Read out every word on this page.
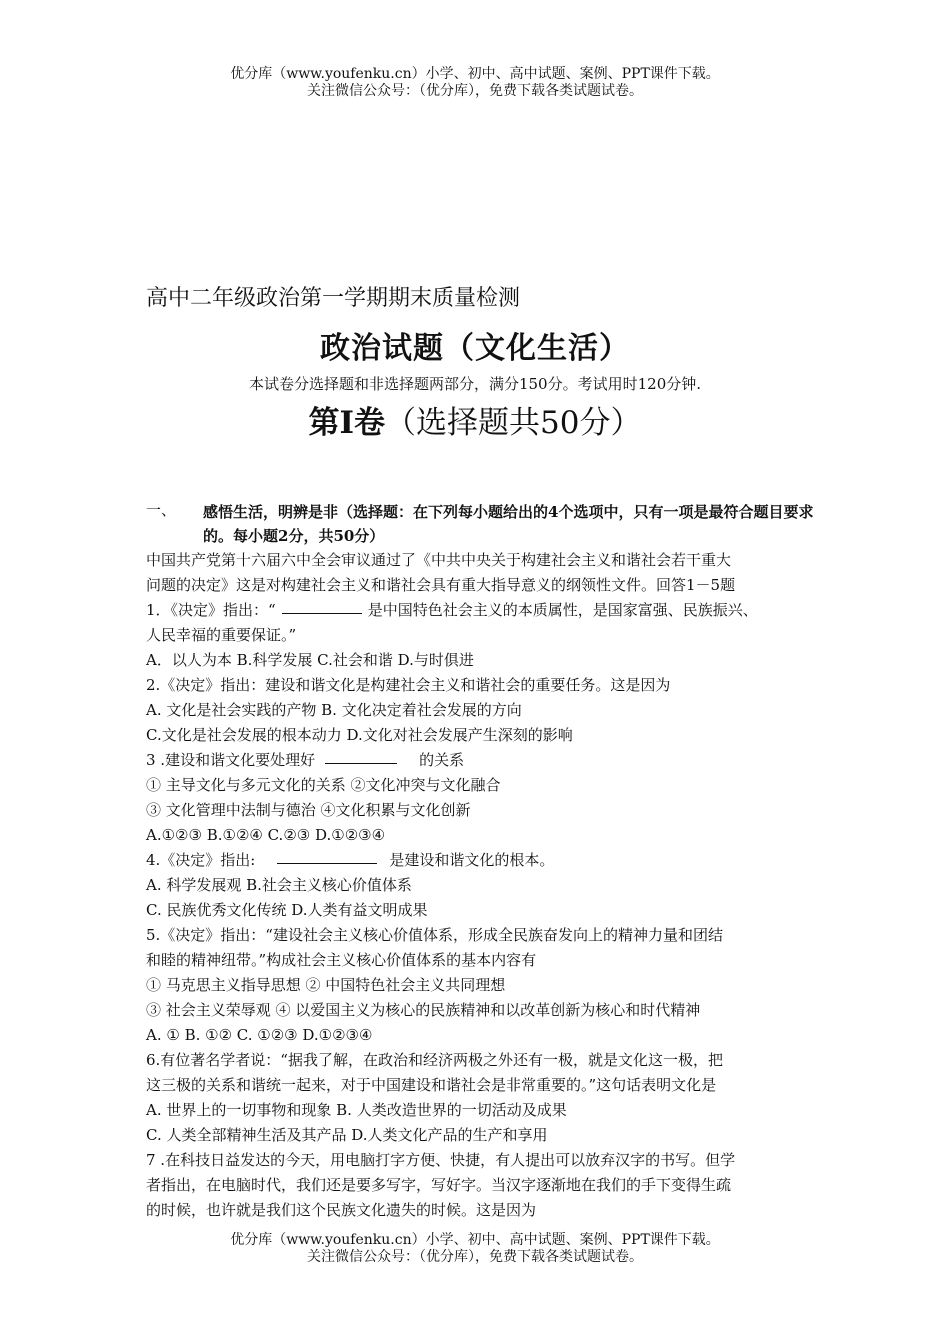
优分库（www.youfenku.cn）小学、初中、高中试题、案例、PPT课件下载。
关注微信公众号：（优分库），免费下载各类试题试卷。
高中二年级政治第一学期期末质量检测
政治试题（文化生活）
本试卷分选择题和非选择题两部分，满分150分。考试用时120分钟.
第Ⅰ卷（选择题共50分）
一、 感悟生活，明辨是非（选择题：在下列每小题给出的4个选项中，只有一项是最符合题目要求的。每小题2分，共50分）
中国共产党第十六届六中全会审议通过了《中共中央关于构建社会主义和谐社会若干重大
问题的决定》这是对构建社会主义和谐社会具有重大指导意义的纲领性文件。回答1－5题
1．《决定》指出：“	是中国特色社会主义的本质属性，是国家富强、民族振兴、
人民幸福的重要保证。”
A．以人为本 B.科学发展 C.社会和谐 D.与时俱进
2.《决定》指出：建设和谐文化是构建社会主义和谐社会的重要任务。这是因为
A. 文化是社会实践的产物 B. 文化决定着社会发展的方向
C.文化是社会发展的根本动力 D.文化对社会发展产生深刻的影响
3 .建设和谐文化要处理好	的关系
① 主导文化与多元文化的关系 ②文化冲突与文化融合
③ 文化管理中法制与德治 ④文化积累与文化创新
A.①②③ B.①②④ C.②③ D.①②③④
4.《决定》指出:	是建设和谐文化的根本。
A. 科学发展观 B.社会主义核心价值体系
C. 民族优秀文化传统 D.人类有益文明成果
5.《决定》指出：“建设社会主义核心价值体系，形成全民族奋发向上的精神力量和团结
和睦的精神纽带。”构成社会主义核心价值体系的基本内容有
① 马克思主义指导思想 ② 中国特色社会主义共同理想
③ 社会主义荣辱观 ④ 以爱国主义为核心的民族精神和以改革创新为核心和时代精神
A. ① B. ①② C. ①②③ D.①②③④
6.有位著名学者说：“据我了解，在政治和经济两极之外还有一极，就是文化这一极，把
这三极的关系和谐统一起来，对于中国建设和谐社会是非常重要的。”这句话表明文化是
A. 世界上的一切事物和现象 B. 人类改造世界的一切活动及成果
C. 人类全部精神生活及其产品 D.人类文化产品的生产和享用
7 .在科技日益发达的今天，用电脑打字方便、快捷，有人提出可以放弃汉字的书写。但学
者指出，在电脑时代，我们还是要多写字，写好字。当汉字逐渐地在我们的手下变得生疏
的时候，也许就是我们这个民族文化遗失的时候。这是因为
优分库（www.youfenku.cn）小学、初中、高中试题、案例、PPT课件下载。
关注微信公众号：（优分库），免费下载各类试题试卷。
